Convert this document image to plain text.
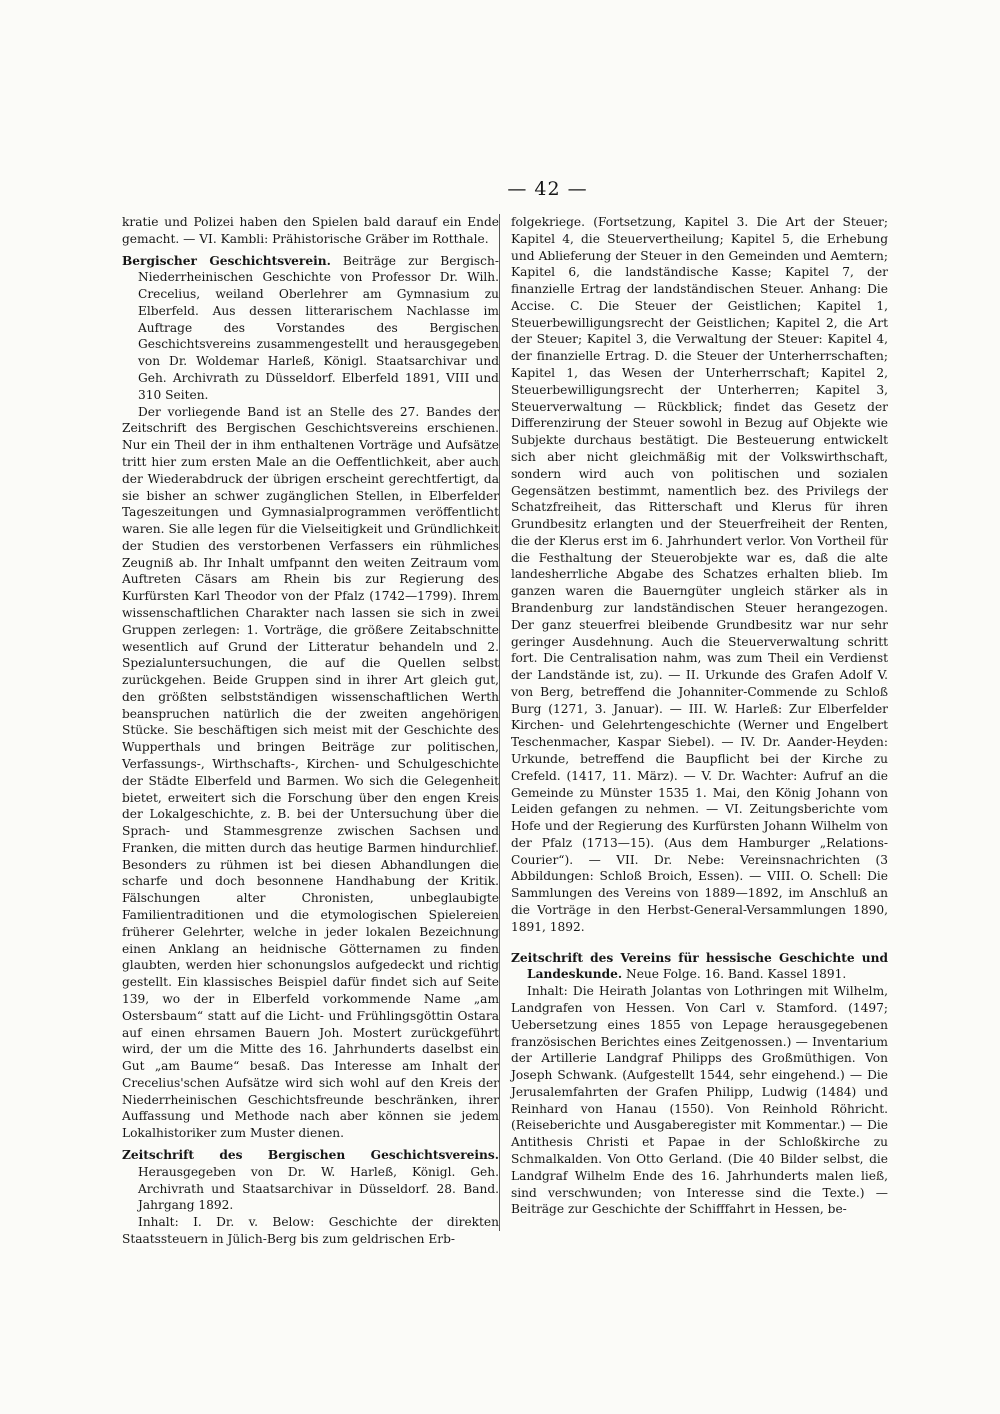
— 42 —

kratie und Polizei haben den Spielen bald darauf ein Ende gemacht. — VI. Kambli: Prähistorische Gräber im Rotthale.

Bergischer Geschichtsverein. Beiträge zur Bergisch-Niederrheinischen Geschichte von Professor Dr. Wilh. Crecelius, weiland Oberlehrer am Gymnasium zu Elberfeld. Aus dessen litterarischem Nachlasse im Auftrage des Vorstandes des Bergischen Geschichtsvereins zusammengestellt und herausgegeben von Dr. Woldemar Harleß, Königl. Staatsarchivar und Geh. Archivrath zu Düsseldorf. Elberfeld 1891, VIII und 310 Seiten.

Der vorliegende Band ist an Stelle des 27. Bandes der Zeitschrift des Bergischen Geschichtsvereins erschienen. Nur ein Theil der in ihm enthaltenen Vorträge und Aufsätze tritt hier zum ersten Male an die Oeffentlichkeit, aber auch der Wiederabdruck der übrigen erscheint gerechtfertigt, da sie bisher an schwer zugänglichen Stellen, in Elberfelder Tageszeitungen und Gymnasialprogrammen veröffentlicht waren. Sie alle legen für die Vielseitigkeit und Gründlichkeit der Studien des verstorbenen Verfassers ein rühmliches Zeugniß ab. Ihr Inhalt umfpannt den weiten Zeitraum vom Auftreten Cäsars am Rhein bis zur Regierung des Kurfürsten Karl Theodor von der Pfalz (1742—1799). Ihrem wissenschaftlichen Charakter nach lassen sie sich in zwei Gruppen zerlegen: 1. Vorträge, die größere Zeitabschnitte wesentlich auf Grund der Litteratur behandeln und 2. Spezialuntersuchungen, die auf die Quellen selbst zurückgehen. Beide Gruppen sind in ihrer Art gleich gut, den größten selbstständigen wissenschaftlichen Werth beanspruchen natürlich die der zweiten angehörigen Stücke. Sie beschäftigen sich meist mit der Geschichte des Wupperthals und bringen Beiträge zur politischen, Verfassungs-, Wirthschafts-, Kirchen- und Schulgeschichte der Städte Elberfeld und Barmen. Wo sich die Gelegenheit bietet, erweitert sich die Forschung über den engen Kreis der Lokalgeschichte, z. B. bei der Untersuchung über die Sprach- und Stammesgrenze zwischen Sachsen und Franken, die mitten durch das heutige Barmen hindurchlief. Besonders zu rühmen ist bei diesen Abhandlungen die scharfe und doch besonnene Handhabung der Kritik. Fälschungen alter Chronisten, unbeglaubigte Familientraditionen und die etymologischen Spielereien früherer Gelehrter, welche in jeder lokalen Bezeichnung einen Anklang an heidnische Götternamen zu finden glaubten, werden hier schonungslos aufgedeckt und richtig gestellt. Ein klassisches Beispiel dafür findet sich auf Seite 139, wo der in Elberfeld vorkommende Name „am Ostersbaum“ statt auf die Licht- und Frühlingsgöttin Ostara auf einen ehrsamen Bauern Joh. Mostert zurückgeführt wird, der um die Mitte des 16. Jahrhunderts daselbst ein Gut „am Baume“ besaß. Das Interesse am Inhalt der Crecelius'schen Aufsätze wird sich wohl auf den Kreis der Niederrheinischen Geschichtsfreunde beschränken, ihrer Auffassung und Methode nach aber können sie jedem Lokalhistoriker zum Muster dienen.

Zeitschrift des Bergischen Geschichtsvereins. Herausgegeben von Dr. W. Harleß, Königl. Geh. Archivrath und Staatsarchivar in Düsseldorf. 28. Band. Jahrgang 1892.

Inhalt: I. Dr. v. Below: Geschichte der direkten Staatssteuern in Jülich-Berg bis zum geldrischen Erb-

folgekriege. (Fortsetzung, Kapitel 3. Die Art der Steuer; Kapitel 4, die Steuervertheilung; Kapitel 5, die Erhebung und Ablieferung der Steuer in den Gemeinden und Aemtern; Kapitel 6, die landständische Kasse; Kapitel 7, der finanzielle Ertrag der landständischen Steuer. Anhang: Die Accise. C. Die Steuer der Geistlichen; Kapitel 1, Steuerbewilligungsrecht der Geistlichen; Kapitel 2, die Art der Steuer; Kapitel 3, die Verwaltung der Steuer: Kapitel 4, der finanzielle Ertrag. D. die Steuer der Unterherrschaften; Kapitel 1, das Wesen der Unterherrschaft; Kapitel 2, Steuerbewilligungsrecht der Unterherren; Kapitel 3, Steuerverwaltung — Rückblick; findet das Gesetz der Differenzirung der Steuer sowohl in Bezug auf Objekte wie Subjekte durchaus bestätigt. Die Besteuerung entwickelt sich aber nicht gleichmäßig mit der Volkswirthschaft, sondern wird auch von politischen und sozialen Gegensätzen bestimmt, namentlich bez. des Privilegs der Schatzfreiheit, das Ritterschaft und Klerus für ihren Grundbesitz erlangten und der Steuerfreiheit der Renten, die der Klerus erst im 6. Jahrhundert verlor. Von Vortheil für die Festhaltung der Steuerobjekte war es, daß die alte landesherrliche Abgabe des Schatzes erhalten blieb. Im ganzen waren die Bauerngüter ungleich stärker als in Brandenburg zur landständischen Steuer herangezogen. Der ganz steuerfrei bleibende Grundbesitz war nur sehr geringer Ausdehnung. Auch die Steuerverwaltung schritt fort. Die Centralisation nahm, was zum Theil ein Verdienst der Landstände ist, zu). — II. Urkunde des Grafen Adolf V. von Berg, betreffend die Johanniter-Commende zu Schloß Burg (1271, 3. Januar). — III. W. Harleß: Zur Elberfelder Kirchen- und Gelehrtengeschichte (Werner und Engelbert Teschenmacher, Kaspar Siebel). — IV. Dr. Aander-Heyden: Urkunde, betreffend die Baupflicht bei der Kirche zu Crefeld. (1417, 11. März). — V. Dr. Wachter: Aufruf an die Gemeinde zu Münster 1535 1. Mai, den König Johann von Leiden gefangen zu nehmen. — VI. Zeitungsberichte vom Hofe und der Regierung des Kurfürsten Johann Wilhelm von der Pfalz (1713—15). (Aus dem Hamburger „Relations-Courier“). — VII. Dr. Nebe: Vereinsnachrichten (3 Abbildungen: Schloß Broich, Essen). — VIII. O. Schell: Die Sammlungen des Vereins von 1889—1892, im Anschluß an die Vorträge in den Herbst-General-Versammlungen 1890, 1891, 1892.

Zeitschrift des Vereins für hessische Geschichte und Landeskunde. Neue Folge. 16. Band. Kassel 1891.

Inhalt: Die Heirath Jolantas von Lothringen mit Wilhelm, Landgrafen von Hessen. Von Carl v. Stamford. (1497; Uebersetzung eines 1855 von Lepage herausgegebenen französischen Berichtes eines Zeitgenossen.) — Inventarium der Artillerie Landgraf Philipps des Großmüthigen. Von Joseph Schwank. (Aufgestellt 1544, sehr eingehend.) — Die Jerusalemfahrten der Grafen Philipp, Ludwig (1484) und Reinhard von Hanau (1550). Von Reinhold Röhricht. (Reiseberichte und Ausgaberegister mit Kommentar.) — Die Antithesis Christi et Papae in der Schloßkirche zu Schmalkalden. Von Otto Gerland. (Die 40 Bilder selbst, die Landgraf Wilhelm Ende des 16. Jahrhunderts malen ließ, sind verschwunden; von Interesse sind die Texte.) — Beiträge zur Geschichte der Schifffahrt in Hessen, be-
